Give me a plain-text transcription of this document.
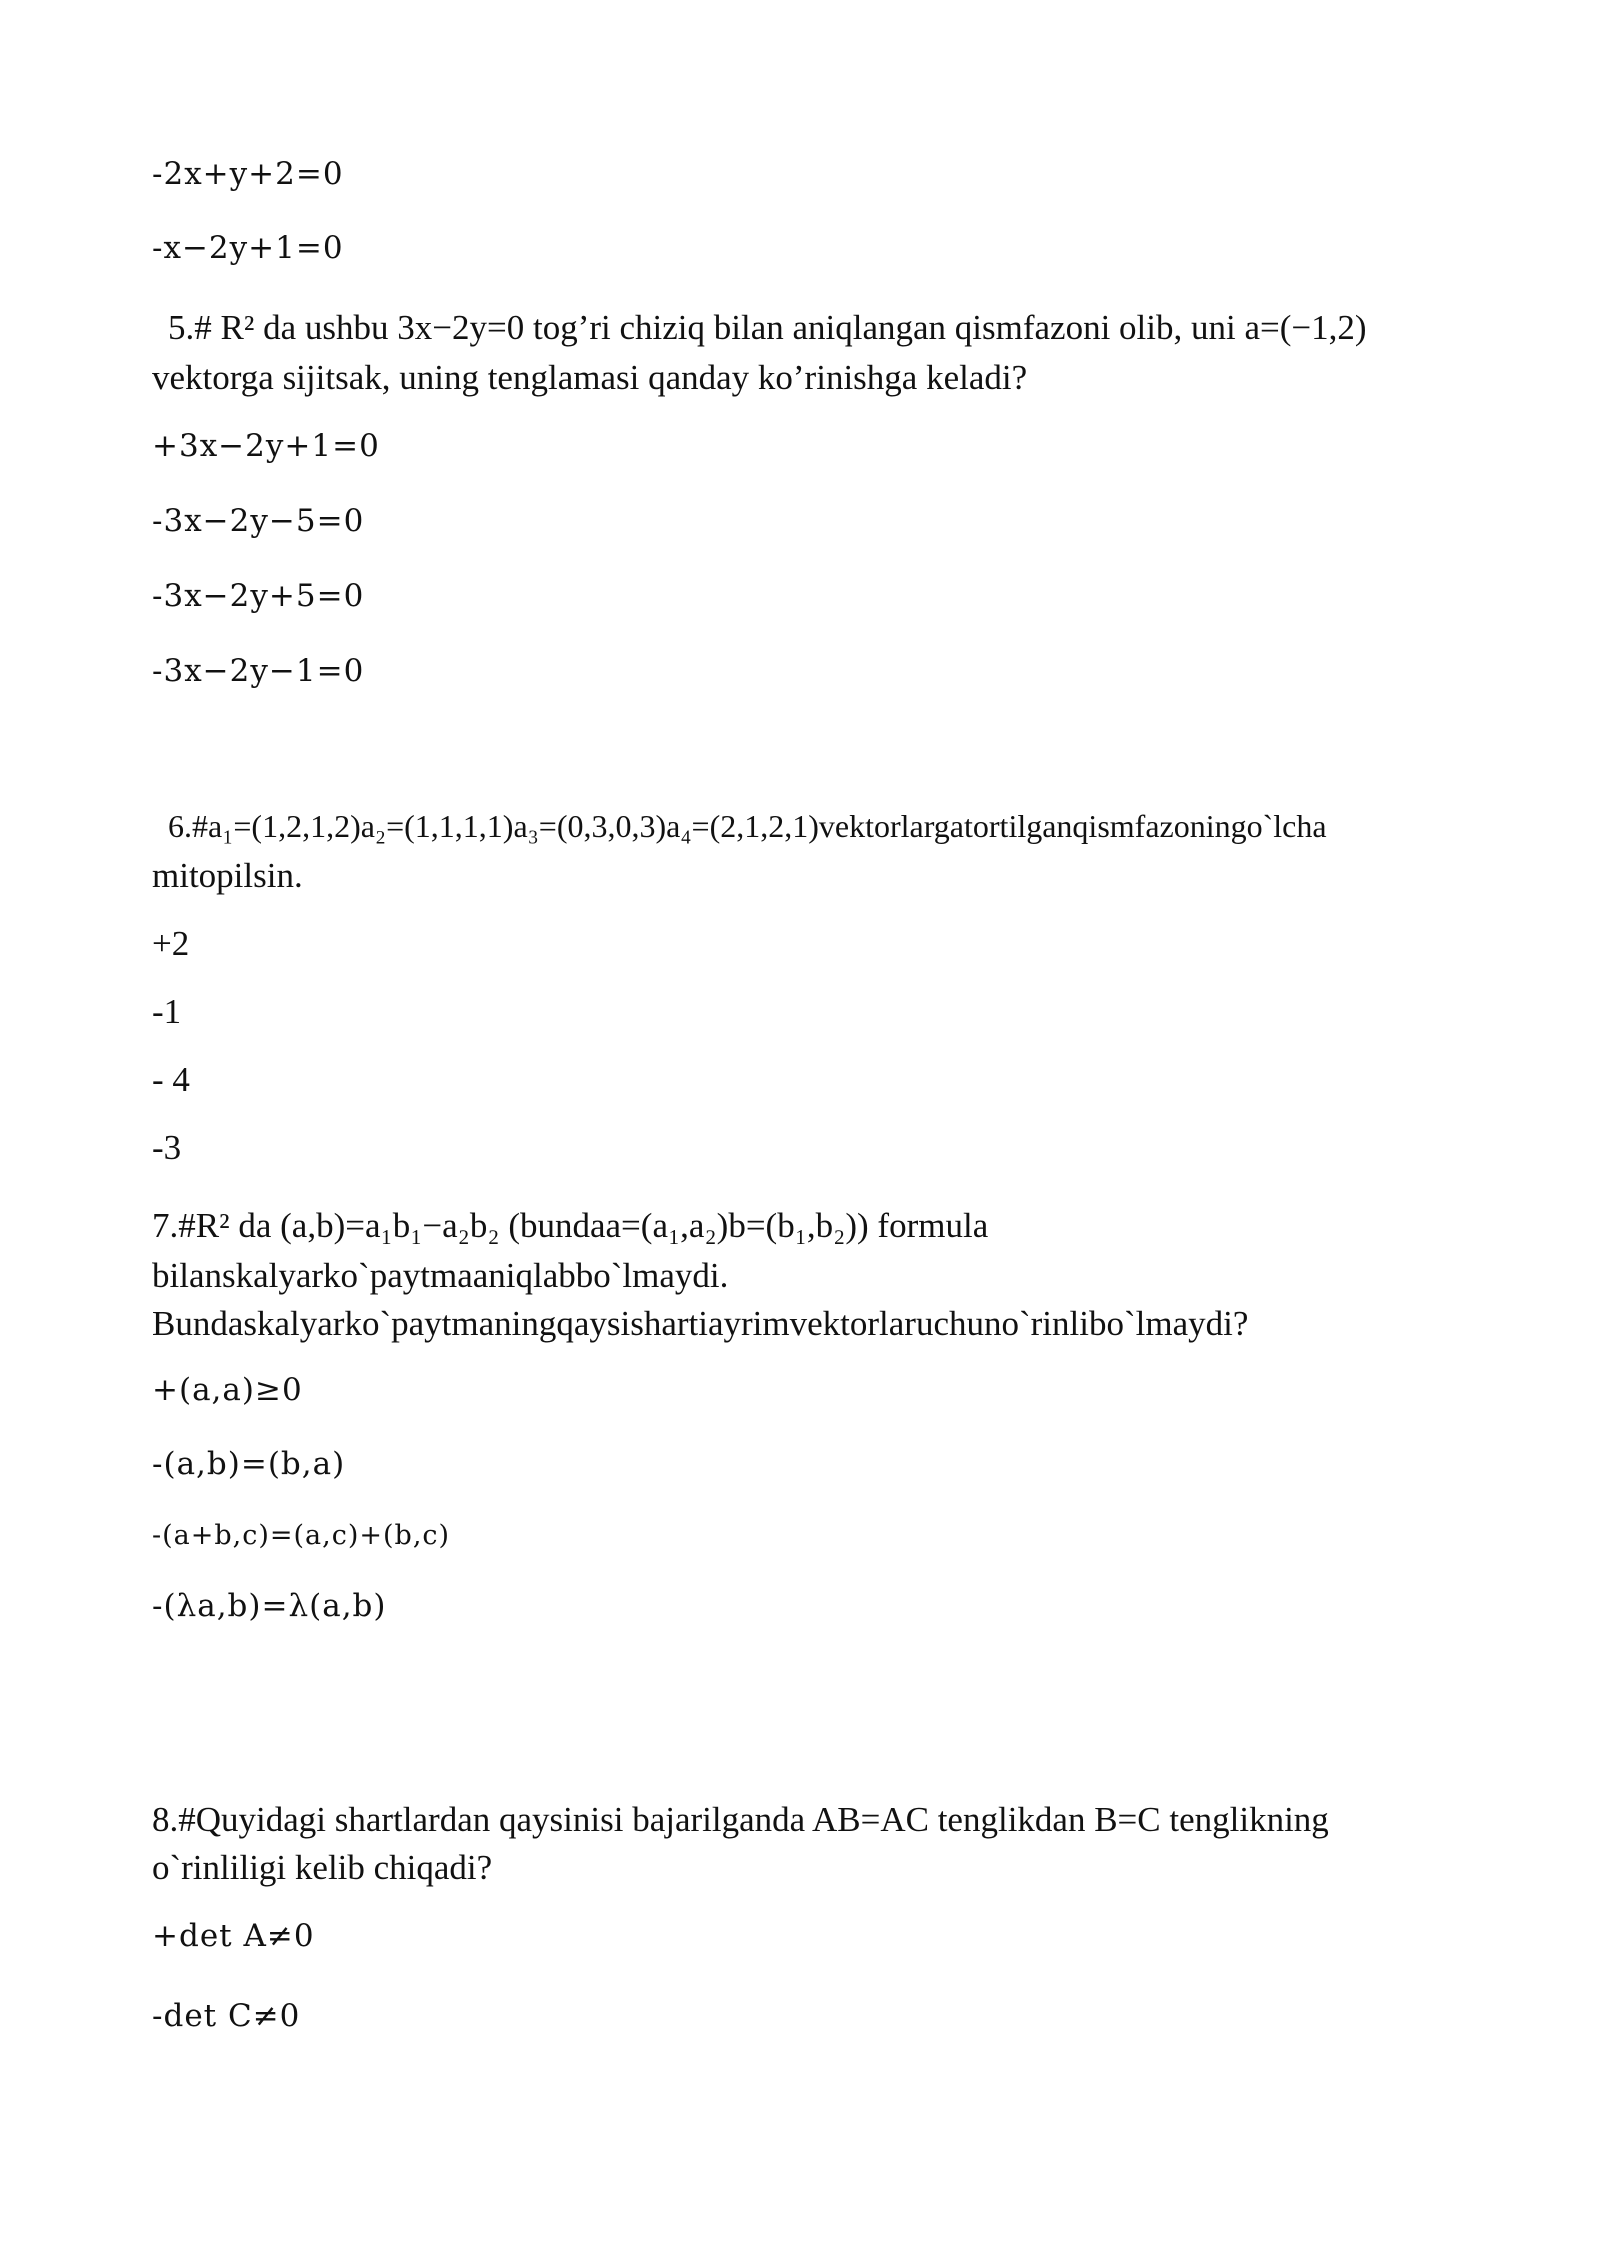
-2x+y+2=0
-x−2y+1=0
5.# R² da ushbu 3x−2y=0 tog’ri chiziq bilan aniqlangan qismfazoni olib, uni a=(−1,2)
vektorga sijitsak, uning tenglamasi qanday ko’rinishga keladi?
+3x−2y+1=0
-3x−2y−5=0
-3x−2y+5=0
-3x−2y−1=0
6.#a₁=(1,2,1,2)a₂=(1,1,1,1)a₃=(0,3,0,3)a₄=(2,1,2,1)vektorlargatortilganqismfazoningo`lcha
mitopilsin.
+2
-1
- 4
-3
7.#R² da (a,b)=a₁b₁−a₂b₂ (bundaa=(a₁,a₂)b=(b₁,b₂)) formula
bilanskalyarko`paytmaaniqlabbo`lmaydi.
Bundaskalyarko`paytmaningqaysishartiayrimvektorlaruchuno`rinlibo`lmaydi?
+(a,a)≥0
-(a,b)=(b,a)
-(a+b,c)=(a,c)+(b,c)
-(λa,b)=λ(a,b)
8.#Quyidagi shartlardan qaysinisi bajarilganda AB=AC tenglikdan B=C tenglikning
o`rinliligi kelib chiqadi?
+det A≠0
-det C≠0
